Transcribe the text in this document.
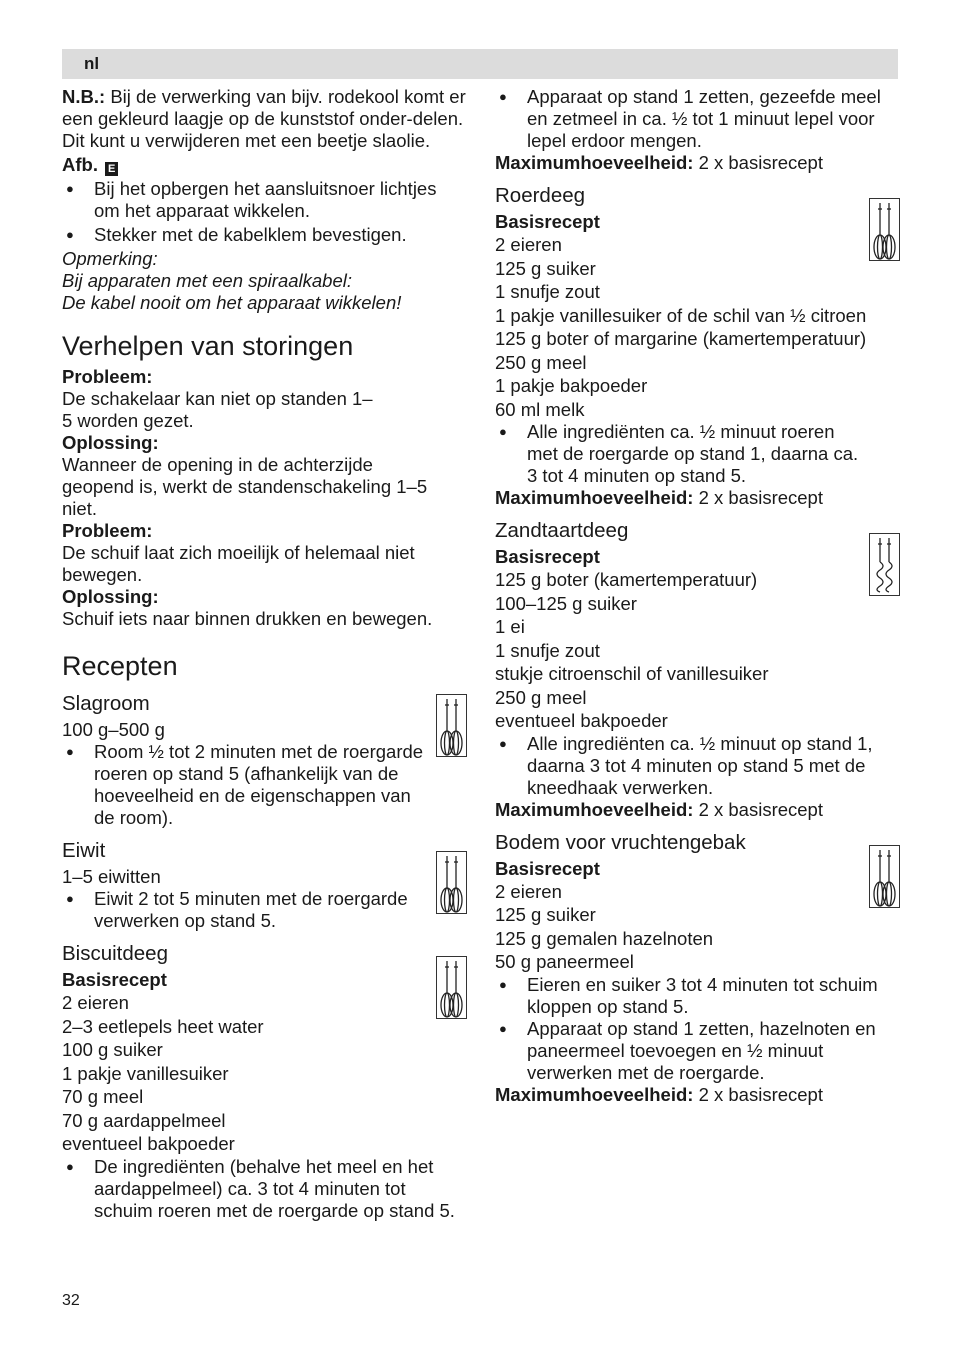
nl

N.B.: Bij de verwerking van bijv. rodekool komt er een gekleurd laagje op de kunststof onder-delen. Dit kunt u verwijderen met een beetje slaolie.

Afb. E

● Bij het opbergen het aansluitsnoer lichtjes om het apparaat wikkelen.
● Stekker met de kabelklem bevestigen.

Opmerking:

Bij apparaten met een spiraalkabel:

De kabel nooit om het apparaat wikkelen!

Verhelpen van storingen

Probleem:

De schakelaar kan niet op standen 1–5 worden gezet.

Oplossing:

Wanneer de opening in de achterzijde geopend is, werkt de standenschakeling 1–5 niet.

Probleem:

De schuif laat zich moeilijk of helemaal niet bewegen.

Oplossing:

Schuif iets naar binnen drukken en bewegen.

Recepten
Slagroom

100 g–500 g

● Room ½ tot 2 minuten met de roergarde roeren op stand 5 (afhankelijk van de hoeveelheid en de eigenschappen van de room).
Eiwit

1–5 eiwitten

● Eiwit 2 tot 5 minuten met de roergarde verwerken op stand 5.
Biscuitdeeg

Basisrecept

2 eieren

2–3 eetlepels heet water

100 g suiker

1 pakje vanillesuiker

70 g meel

70 g aardappelmeel

eventueel bakpoeder

● De ingrediënten (behalve het meel en het aardappelmeel) ca. 3 tot 4 minuten tot schuim roeren met de roergarde op stand 5.
● Apparaat op stand 1 zetten, gezeefde meel en zetmeel in ca. ½ tot 1 minuut lepel voor lepel erdoor mengen.

Maximumhoeveelheid: 2 x basisrecept

Roerdeeg

Basisrecept

2 eieren

125 g suiker

1 snufje zout

1 pakje vanillesuiker of de schil van ½ citroen

125 g boter of margarine (kamertemperatuur)

250 g meel

1 pakje bakpoeder

60 ml melk

● Alle ingrediënten ca. ½ minuut roeren met de roergarde op stand 1, daarna ca. 3 tot 4 minuten op stand 5.

Maximumhoeveelheid: 2 x basisrecept

Zandtaartdeeg

Basisrecept

125 g boter (kamertemperatuur)

100–125 g suiker

1 ei

1 snufje zout

stukje citroenschil of vanillesuiker

250 g meel

eventueel bakpoeder

● Alle ingrediënten ca. ½ minuut op stand 1, daarna 3 tot 4 minuten op stand 5 met de kneedhaak verwerken.

Maximumhoeveelheid: 2 x basisrecept

Bodem voor vruchtengebak

Basisrecept

2 eieren

125 g suiker

125 g gemalen hazelnoten

50 g paneermeel

● Eieren en suiker 3 tot 4 minuten tot schuim kloppen op stand 5.
● Apparaat op stand 1 zetten, hazelnoten en paneermeel toevoegen en ½ minuut verwerken met de roergarde.

Maximumhoeveelheid: 2 x basisrecept

32
